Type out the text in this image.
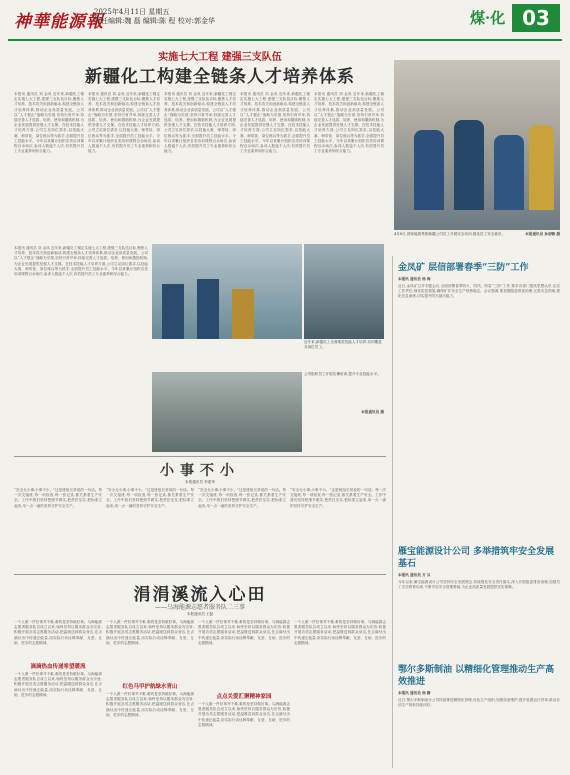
神華能源報
2025年4月11日 星期五
责任编辑:魏 磊 编辑:陈 程 校对:郭金华	煤·化 03
实施七大工程 建强三支队伍
新疆化工构建全链条人才培养体系
本报讯 通讯员 刘 金凤 近年来,新疆化工锚定实施七大工程,建强三支队伍目标,聚焦人才培养、技术攻关和创新驱动,构建全链条人才培养体系,推动企业高质量发展。公司以“人才强企”战略为引领,坚持引育并举,持续完善人才选拔、培养、使用和激励机制,为企业发展提供坚强人才支撑。在技术技能人才培养方面,公司立足岗位需求,以技能大赛、师带徒、岗位练兵等为抓手,全面提升员工技能水平。今年以来累计组织各类培训课程百余场次,参训人数逾千人次,有效提升员工专业素养和综合能力。
本报讯 通讯员 刘 金凤 近年来,新疆化工锚定实施七大工程,建强三支队伍目标,聚焦人才培养、技术攻关和创新驱动,构建全链条人才培养体系,推动企业高质量发展。公司以“人才强企”战略为引领,坚持引育并举,持续完善人才选拔、培养、使用和激励机制,为企业发展提供坚强人才支撑。在技术技能人才培养方面,公司立足岗位需求,以技能大赛、师带徒、岗位练兵等为抓手,全面提升员工技能水平。今年以来累计组织各类培训课程百余场次,参训人数逾千人次,有效提升员工专业素养和综合能力。
本报讯 通讯员 刘 金凤 近年来,新疆化工锚定实施七大工程,建强三支队伍目标,聚焦人才培养、技术攻关和创新驱动,构建全链条人才培养体系,推动企业高质量发展。公司以“人才强企”战略为引领,坚持引育并举,持续完善人才选拔、培养、使用和激励机制,为企业发展提供坚强人才支撑。在技术技能人才培养方面,公司立足岗位需求,以技能大赛、师带徒、岗位练兵等为抓手,全面提升员工技能水平。今年以来累计组织各类培训课程百余场次,参训人数逾千人次,有效提升员工专业素养和综合能力。
本报讯 通讯员 刘 金凤 近年来,新疆化工锚定实施七大工程,建强三支队伍目标,聚焦人才培养、技术攻关和创新驱动,构建全链条人才培养体系,推动企业高质量发展。公司以“人才强企”战略为引领,坚持引育并举,持续完善人才选拔、培养、使用和激励机制,为企业发展提供坚强人才支撑。在技术技能人才培养方面,公司立足岗位需求,以技能大赛、师带徒、岗位练兵等为抓手,全面提升员工技能水平。今年以来累计组织各类培训课程百余场次,参训人数逾千人次,有效提升员工专业素养和综合能力。
本报讯 通讯员 刘 金凤 近年来,新疆化工锚定实施七大工程,建强三支队伍目标,聚焦人才培养、技术攻关和创新驱动,构建全链条人才培养体系,推动企业高质量发展。公司以“人才强企”战略为引领,坚持引育并举,持续完善人才选拔、培养、使用和激励机制,为企业发展提供坚强人才支撑。在技术技能人才培养方面,公司立足岗位需求,以技能大赛、师带徒、岗位练兵等为抓手,全面提升员工技能水平。今年以来累计组织各类培训课程百余场次,参训人数逾千人次,有效提升员工专业素养和综合能力。
4月8日,国家能源集团新疆公司员工开展安全培训,强化员工安全意识。	本报通讯员 孙剑锋 摄
近年来,新疆化工全面推进技能人才培养,培训覆盖各岗位员工。
公司组织员工开展实操培训,提升专业技能水平。
本报通讯员 摄
本报讯 通讯员 刘 金凤 近年来,新疆化工锚定实施七大工程,建强三支队伍目标,聚焦人才培养、技术攻关和创新驱动,构建全链条人才培养体系,推动企业高质量发展。公司以“人才强企”战略为引领,坚持引育并举,持续完善人才选拔、培养、使用和激励机制,为企业发展提供坚强人才支撑。在技术技能人才培养方面,公司立足岗位需求,以技能大赛、师带徒、岗位练兵等为抓手,全面提升员工技能水平。今年以来累计组织各类培训课程百余场次,参训人数逾千人次,有效提升员工专业素养和综合能力。
小事不小
本报通讯员 李建华
“安全无小事,小事不小。”这是班组长常说的一句话。每一次交接班,每一项检查,每一张记录,都关系着生产安全。工作中我们坚持把细节做实,把责任压实,把标准立起来,用一点一滴的坚持守护安全生产。
“安全无小事,小事不小。”这是班组长常说的一句话。每一次交接班,每一项检查,每一张记录,都关系着生产安全。工作中我们坚持把细节做实,把责任压实,把标准立起来,用一点一滴的坚持守护安全生产。
“安全无小事,小事不小。”这是班组长常说的一句话。每一次交接班,每一项检查,每一张记录,都关系着生产安全。工作中我们坚持把细节做实,把责任压实,把标准立起来,用一点一滴的坚持守护安全生产。
“安全无小事,小事不小。”这是班组长常说的一句话。每一次交接班,每一项检查,每一张记录,都关系着生产安全。工作中我们坚持把细节做实,把责任压实,把标准立起来,用一点一滴的坚持守护安全生产。
涓涓溪流入心田
——乌海能源志愿者服务队二三事
本报通讯员 王磊
一个人做一件好事并不难,难的是坚持做好事。乌海能源志愿者服务队自成立以来,始终坚持以服务群众为宗旨,积极开展各类志愿服务活动,把温暖送到群众身边,在点滴付出中传递正能量,用实际行动诠释奉献、友爱、互助、进步的志愿精神。
滴滴热血传递希望暖流
一个人做一件好事并不难,难的是坚持做好事。乌海能源志愿者服务队自成立以来,始终坚持以服务群众为宗旨,积极开展各类志愿服务活动,把温暖送到群众身边,在点滴付出中传递正能量,用实际行动诠释奉献、友爱、互助、进步的志愿精神。
一个人做一件好事并不难,难的是坚持做好事。乌海能源志愿者服务队自成立以来,始终坚持以服务群众为宗旨,积极开展各类志愿服务活动,把温暖送到群众身边,在点滴付出中传递正能量,用实际行动诠释奉献、友爱、互助、进步的志愿精神。
红色马甲护航绿水青山
一个人做一件好事并不难,难的是坚持做好事。乌海能源志愿者服务队自成立以来,始终坚持以服务群众为宗旨,积极开展各类志愿服务活动,把温暖送到群众身边,在点滴付出中传递正能量,用实际行动诠释奉献、友爱、互助、进步的志愿精神。
一个人做一件好事并不难,难的是坚持做好事。乌海能源志愿者服务队自成立以来,始终坚持以服务群众为宗旨,积极开展各类志愿服务活动,把温暖送到群众身边,在点滴付出中传递正能量,用实际行动诠释奉献、友爱、互助、进步的志愿精神。
点点关爱汇聚精神家园
一个人做一件好事并不难,难的是坚持做好事。乌海能源志愿者服务队自成立以来,始终坚持以服务群众为宗旨,积极开展各类志愿服务活动,把温暖送到群众身边,在点滴付出中传递正能量,用实际行动诠释奉献、友爱、互助、进步的志愿精神。
一个人做一件好事并不难,难的是坚持做好事。乌海能源志愿者服务队自成立以来,始终坚持以服务群众为宗旨,积极开展各类志愿服务活动,把温暖送到群众身边,在点滴付出中传递正能量,用实际行动诠释奉献、友爱、互助、进步的志愿精神。
金凤矿 层信部署春季“三防”工作
本报讯 通讯员 杨 海
近日,金凤矿召开专题会议,全面部署春季防火、防汛、防雷“三防”工作,要求各部门提高思想认识,压实工作责任,细化防控措施,确保矿井安全生产形势稳定。会议强调,要加强隐患排查治理,完善应急预案,强化应急演练,切实提升防灾减灾能力。
雁宝能源设计公司 多举措筑牢安全发展基石
本报讯 通讯员 方 兵
今年以来,雁宝能源设计公司坚持安全发展理念,持续强化安全责任落实,深入开展隐患排查治理,加强员工安全教育培训,不断夯实安全管理基础,为企业高质量发展提供坚实保障。
鄂尔多斯制油 以精细化管理推动生产高效推进
本报讯 通讯员 杨 静
近日,鄂尔多斯制油分公司持续推进精细化管理,优化生产组织,加强设备维护,提升装置运行效率,推动各项生产指标持续向好。
